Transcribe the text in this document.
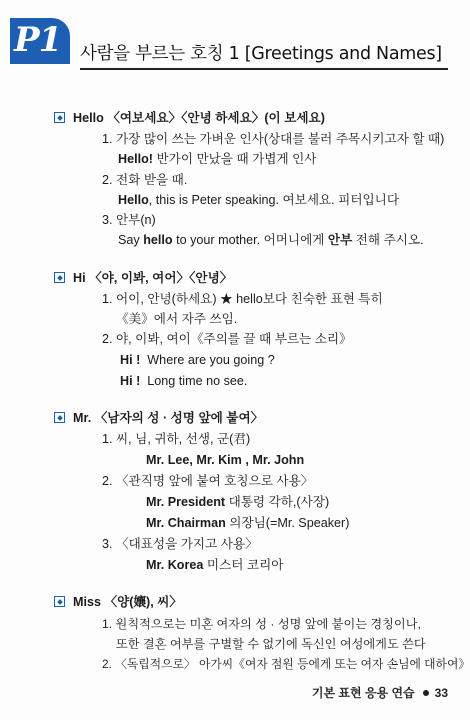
P1 사람을 부르는 호칭 1 [Greetings and Names]
Hello 〈여보세요〉〈안녕 하세요〉(이 보세요)
1. 가장 많이 쓰는 가벼운 인사(상대를 불러 주목시키고자 할 때)
Hello! 반가이 만났을 때 가볍게 인사
2. 전화 받을 때.
Hello, this is Peter speaking. 여보세요. 피터입니다
3. 안부(n)
Say hello to your mother. 어머니에게 안부 전해 주시오.
Hi 〈야, 이봐, 여어〉〈안녕〉
1. 어이, 안녕(하세요) ★ hello보다 친숙한 표현 특히
《美》에서 자주 쓰임.
2. 야, 이봐, 여이《주의를 끌 때 부르는 소리》
Hi ! Where are you going ?
Hi ! Long time no see.
Mr. 〈남자의 성 · 성명 앞에 붙여〉
1. 씨, 님, 귀하, 선생, 군(君)
Mr. Lee, Mr. Kim , Mr. John
2. 〈관직명 앞에 붙여 호칭으로 사용〉
Mr. President 대통령 각하,(사장)
Mr. Chairman 의장님(=Mr. Speaker)
3. 〈대표성을 가지고 사용〉
Mr. Korea 미스터 코리아
Miss 〈양(孃), 씨〉
1. 원칙적으로는 미혼 여자의 성 · 성명 앞에 붙이는 경칭이나,
또한 결혼 여부를 구별할 수 없기에 독신인 여성에게도 쓴다
2. 〈독립적으로〉 아가씨《여자 점원 등에게 또는 여자 손님에 대하여》
기본 표현 응용 연습 33
